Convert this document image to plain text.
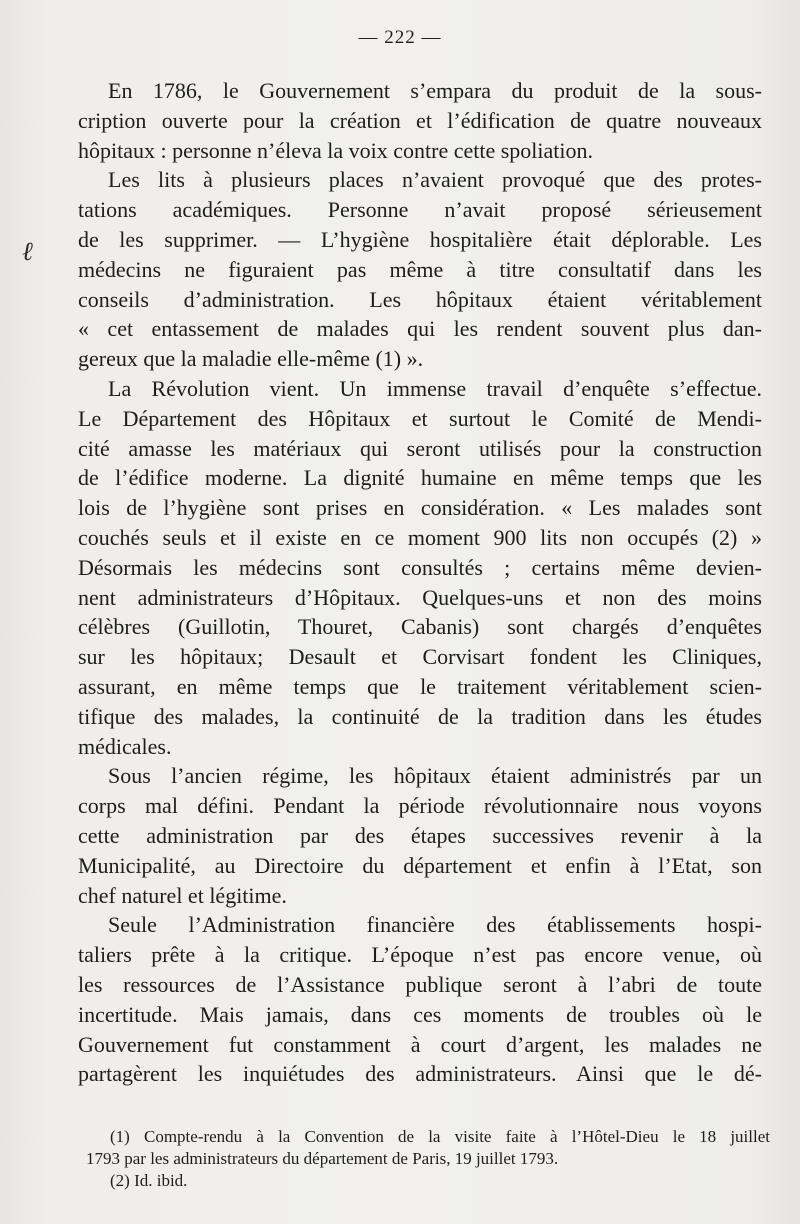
— 222 —
ℓ
En 1786, le Gouvernement s’empara du produit de la sous-
cription ouverte pour la création et l’édification de quatre nouveaux
hôpitaux : personne n’éleva la voix contre cette spoliation.
Les lits à plusieurs places n’avaient provoqué que des protes-
tations académiques. Personne n’avait proposé sérieusement
de les supprimer. — L’hygiène hospitalière était déplorable. Les
médecins ne figuraient pas même à titre consultatif dans les
conseils d’administration. Les hôpitaux étaient véritablement
« cet entassement de malades qui les rendent souvent plus dan-
gereux que la maladie elle-même (1) ».
La Révolution vient. Un immense travail d’enquête s’effectue.
Le Département des Hôpitaux et surtout le Comité de Mendi-
cité amasse les matériaux qui seront utilisés pour la construction
de l’édifice moderne. La dignité humaine en même temps que les
lois de l’hygiène sont prises en considération. « Les malades sont
couchés seuls et il existe en ce moment 900 lits non occupés (2) »
Désormais les médecins sont consultés ; certains même devien-
nent administrateurs d’Hôpitaux. Quelques-uns et non des moins
célèbres (Guillotin, Thouret, Cabanis) sont chargés d’enquêtes
sur les hôpitaux; Desault et Corvisart fondent les Cliniques,
assurant, en même temps que le traitement véritablement scien-
tifique des malades, la continuité de la tradition dans les études
médicales.
Sous l’ancien régime, les hôpitaux étaient administrés par un
corps mal défini. Pendant la période révolutionnaire nous voyons
cette administration par des étapes successives revenir à la
Municipalité, au Directoire du département et enfin à l’Etat, son
chef naturel et légitime.
Seule l’Administration financière des établissements hospi-
taliers prête à la critique. L’époque n’est pas encore venue, où
les ressources de l’Assistance publique seront à l’abri de toute
incertitude. Mais jamais, dans ces moments de troubles où le
Gouvernement fut constamment à court d’argent, les malades ne
partagèrent les inquiétudes des administrateurs. Ainsi que le dé-
(1) Compte-rendu à la Convention de la visite faite à l’Hôtel-Dieu le 18 juillet
1793 par les administrateurs du département de Paris, 19 juillet 1793.
(2) Id. ibid.
